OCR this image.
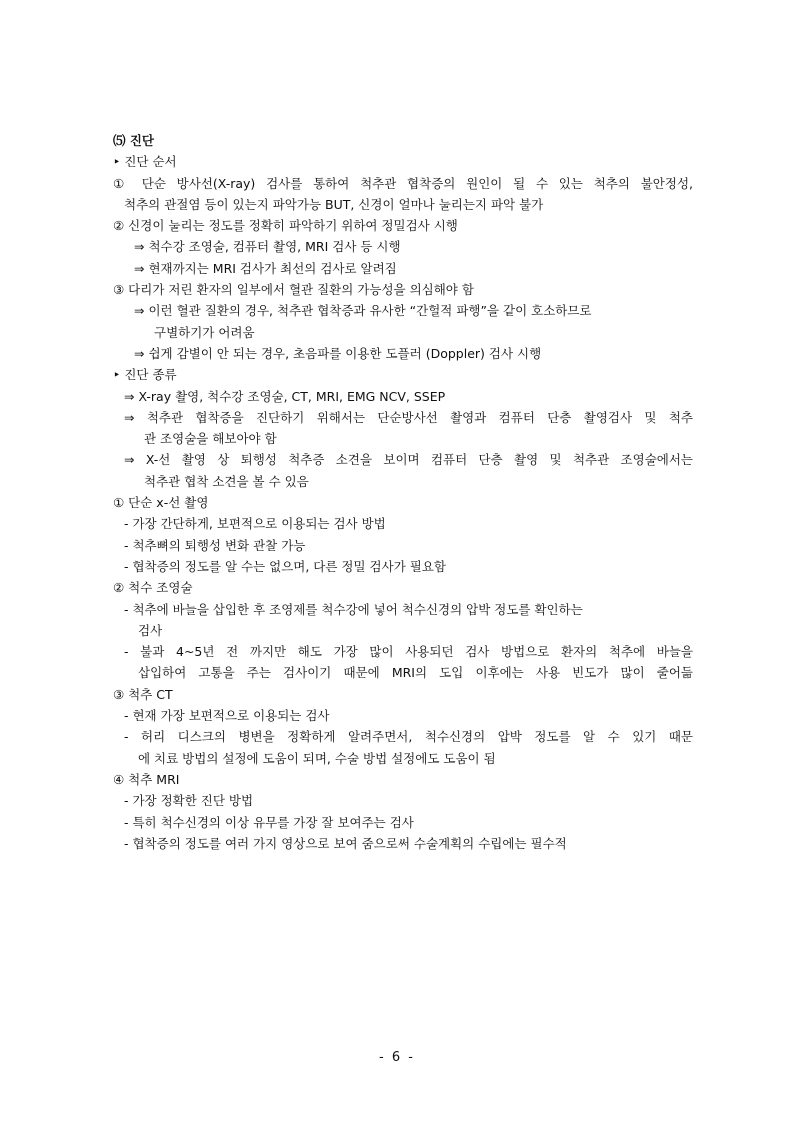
⑸ 진단
‣ 진단 순서
① 단순 방사선(X-ray) 검사를 통하여 척추관 협착증의 원인이 될 수 있는 척추의 불안정성,
척추의 관절염 등이 있는지 파악가능 BUT, 신경이 얼마나 눌리는지 파악 불가
② 신경이 눌리는 정도를 정확히 파악하기 위하여 정밀검사 시행
⇒ 척수강 조영술, 컴퓨터 촬영, MRI 검사 등 시행
⇒ 현재까지는 MRI 검사가 최선의 검사로 알려짐
③ 다리가 저린 환자의 일부에서 혈관 질환의 가능성을 의심해야 함
⇒ 이런 혈관 질환의 경우, 척추관 협착증과 유사한 “간헐적 파행”을 같이 호소하므로
구별하기가 어려움
⇒ 쉽게 감별이 안 되는 경우, 초음파를 이용한 도플러 (Doppler) 검사 시행
‣ 진단 종류
⇒ X-ray 촬영, 척수강 조영술, CT, MRI, EMG NCV, SSEP
⇒ 척추관 협착증을 진단하기 위해서는 단순방사선 촬영과 컴퓨터 단층 촬영검사 및 척추
관 조영술을 해보아야 함
⇒ X-선 촬영 상 퇴행성 척추증 소견을 보이며 컴퓨터 단층 촬영 및 척추관 조영술에서는
척추관 협착 소견을 볼 수 있음
① 단순 x-선 촬영
- 가장 간단하게, 보편적으로 이용되는 검사 방법
- 척추뼈의 퇴행성 변화 관찰 가능
- 협착증의 정도를 알 수는 없으며, 다른 정밀 검사가 필요함
② 척수 조영술
- 척추에 바늘을 삽입한 후 조영제를 척수강에 넣어 척수신경의 압박 정도를 확인하는
검사
- 불과 4~5년 전 까지만 해도 가장 많이 사용되던 검사 방법으로 환자의 척추에 바늘을
삽입하여 고통을 주는 검사이기 때문에 MRI의 도입 이후에는 사용 빈도가 많이 줄어듦
③ 척추 CT
- 현재 가장 보편적으로 이용되는 검사
- 허리 디스크의 병변을 정확하게 알려주면서, 척수신경의 압박 정도를 알 수 있기 때문
에 치료 방법의 설정에 도움이 되며, 수술 방법 설정에도 도움이 됨
④ 척추 MRI
- 가장 정확한 진단 방법
- 특히 척수신경의 이상 유무를 가장 잘 보여주는 검사
- 협착증의 정도를 여러 가지 영상으로 보여 줌으로써 수술계획의 수립에는 필수적
- 6 -
